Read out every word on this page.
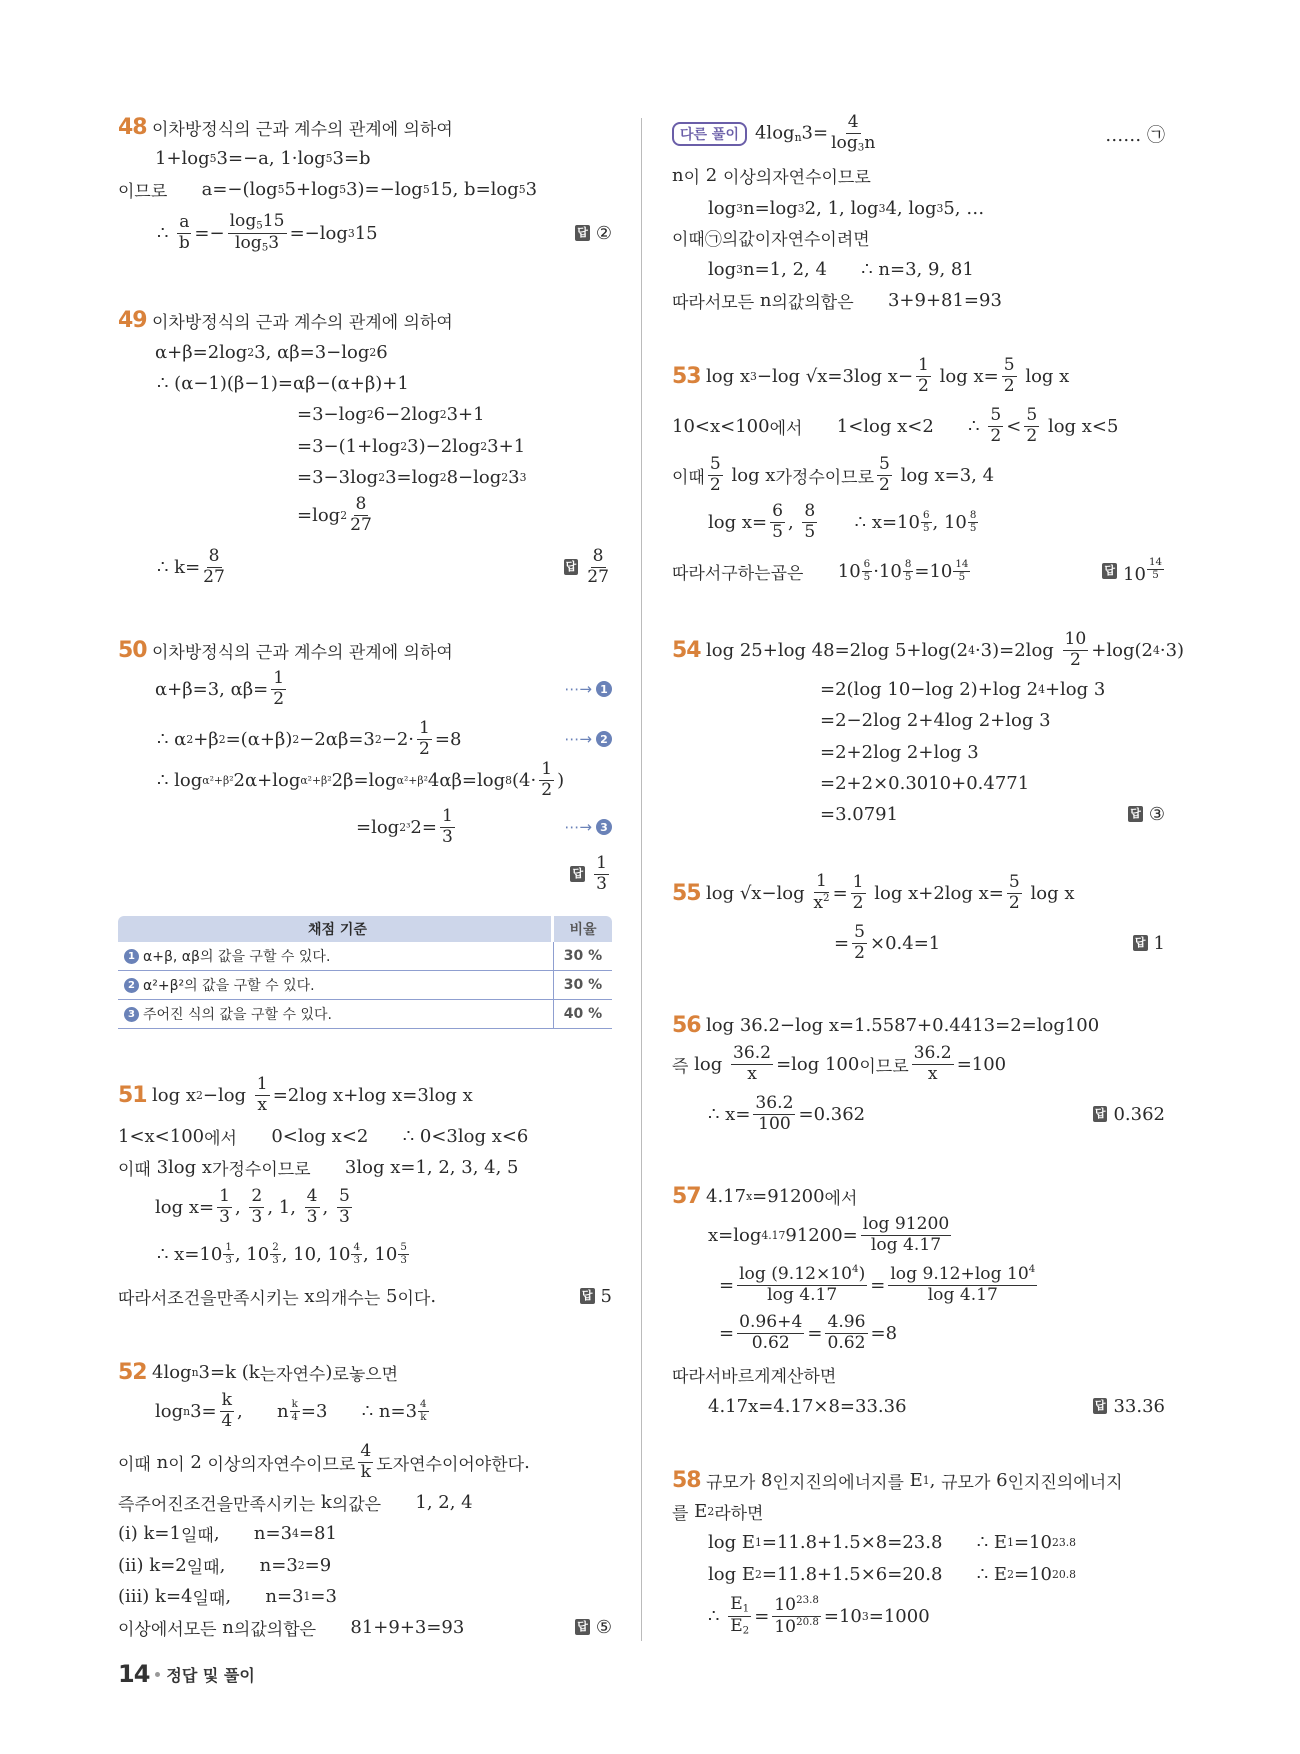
48 이차방정식의 근과 계수의 관계에 의하여
1+log 5 3=−a, 1·log 5 3=b
이므로 a=−(log 5 5+log 5 3)=−log 5 15, b=log 5 3
∴ $\frac{a}{b} =- \frac{\log_515}{\log_53} =-\log$ 3 15	답 ②
49 이차방정식의 근과 계수의 관계에 의하여
α+β=2log 2 3, αβ=3−log 2 6
∴ (α−1)(β−1)=αβ−(α+β)+1
=3−log 2 6−2log 2 3+1
=3−(1+log 2 3)−2log 2 3+1
=3−3log 2 3=log 2 8−log 2 3 3
=log $2 \frac{8}{27}$
∴ $k= \frac{8}{27}$	답 $\frac{8}{27}$
50 이차방정식의 근과 계수의 관계에 의하여
α+β=3, $\alpha\beta= \frac{1}{2}$	⋯→ 1
∴ α 2 +β 2 =(α+β) 2 −2αβ=3 $2 -2\cdot \frac{1}{2} =8$	⋯→ 2
∴ log α²+β² 2α+log α²+β² 2β=log α²+β² 4αβ=log 8 ($4\cdot \frac{1}{2}$ )
=log 2³ $2= \frac{1}{3}$	⋯→ 3
답 $\frac{1}{3}$
채점 기준	비율
1 α+β, αβ의 값을 구할 수 있다.	30 %
2 α²+β²의 값을 구할 수 있다.	30 %
3 주어진 식의 값을 구할 수 있다.	40 %
51 log x $2 -\log \frac{1}{x} =2\log$ x+log x=3log x
1<x<100 에서 0<log x<2      ∴ 0<3log x<6
이때 3log x 가 정수이므로 3log x=1, 2, 3, 4, 5
$\log x= \frac{1}{3}$ , $\frac{2}{3}$ , 1, $\frac{4}{3}$ , $\frac{5}{3}$
∴ $x=10 \frac{1}{3}$ , $10 \frac{2}{3}$ , 10, $10 \frac{4}{3}$ , $10 \frac{5}{3}$
따라서 조건을 만족시키는 x 의 개수는 5 이다 .	답 5
52 4log n 3=k (k 는 자연수 ) 로 놓으면
log n $3= \frac{k}{4}$ ,      n $\frac{k}{4} =3$      ∴ $n=3 \frac{4}{k}$
이때 n 이 2 이상의 자연수이므로 $\frac{4}{k}$ 도 자연수이어야 한다 .
즉 주어진 조건을 만족시키는 k 의 값은 1, 2, 4
(i) k=1 일 때 ,      n=3 4 =81
(ii) k=2 일 때 ,      n=3 2 =9
(iii) k=4 일 때 ,      n=3 1 =3
이상에서 모든 n 의 값의 합은 81+9+3=93	답 ⑤
다른 풀이 $4\log_n3= \frac{4}{\log_3n}$	…… ㉠
n 이 2 이상의 자연수이므로
log 3 n=log 3 2, 1, log 3 4, log 3 5, …
이때 ㉠의 값이 자연수이려면
log 3 n=1, 2, 4      ∴ n=3, 9, 81
따라서 모든 n 의 값의 합은 3+9+81=93
53 log x 3 −log √x=3log $x- \frac{1}{2}$ $\log x= \frac{5}{2}$ log x
10<x<100 에서 1<log x<2      ∴ $\frac{5}{2} < \frac{5}{2}$ log x<5
이때 $\frac{5}{2}$ log x 가 정수이므로 $\frac{5}{2}$ log x=3, 4
$\log x= \frac{6}{5}$ , $\frac{8}{5}$ ∴ $x=10 \frac{6}{5}$ , $10 \frac{8}{5}$
따라서 구하는 곱은 $10 \frac{6}{5} \cdot 10 \frac{8}{5} =10 \frac{14}{5}$	답 10 $^{\frac{14}{5}}$
54 log 25+log 48=2log 5+log(2 $4 \cdot 3)=2\log \frac{10}{2} +\log(2$ 4 ·3)
=2(log 10−log 2)+log 2 4 +log 3
=2−2log 2+4log 2+log 3
=2+2log 2+log 3
=2+2×0.3010+0.4771
=3.0791	답 ③
55 $\log √x-\log \frac{1}{x^2} = \frac{1}{2}$ log x+2log $x= \frac{5}{2}$ log x
= $\frac{5}{2} \times 0.4=1$	답 1
56 log 36.2−log x=1.5587+0.4413=2=log100
즉 $\log \frac{36.2}{x} =\log$ 100 이므로 $\frac{36.2}{x} =100$
∴ $x= \frac{36.2}{100} =0.362$	답 0.362
57 4.17 x =91200 에서
x=log 4.17 $91200= \frac{\log 91200}{\log 4.17}$
= $\frac{\log (9.12\times 10^4)}{\log 4.17} = \frac{\log 9.12+\log 10^4}{\log 4.17}$
= $\frac{0.96+4}{0.62} = \frac{4.96}{0.62} =8$
따라서 바르게 계산하면
4.17x=4.17×8=33.36	답 33.36
58 규모가 8 인 지진의 에너지를 E 1 , 규모가 6 인 지진의 에너지
를 E 2 라 하면
log E 1 =11.8+1.5×8=23.8      ∴ E 1 =10 23.8
log E 2 =11.8+1.5×6=20.8      ∴ E 2 =10 20.8
∴ $\frac{E_1}{E_2} = \frac{10^{23.8}}{10^{20.8}} =10$ 3 =1000
14 정답 및 풀이
